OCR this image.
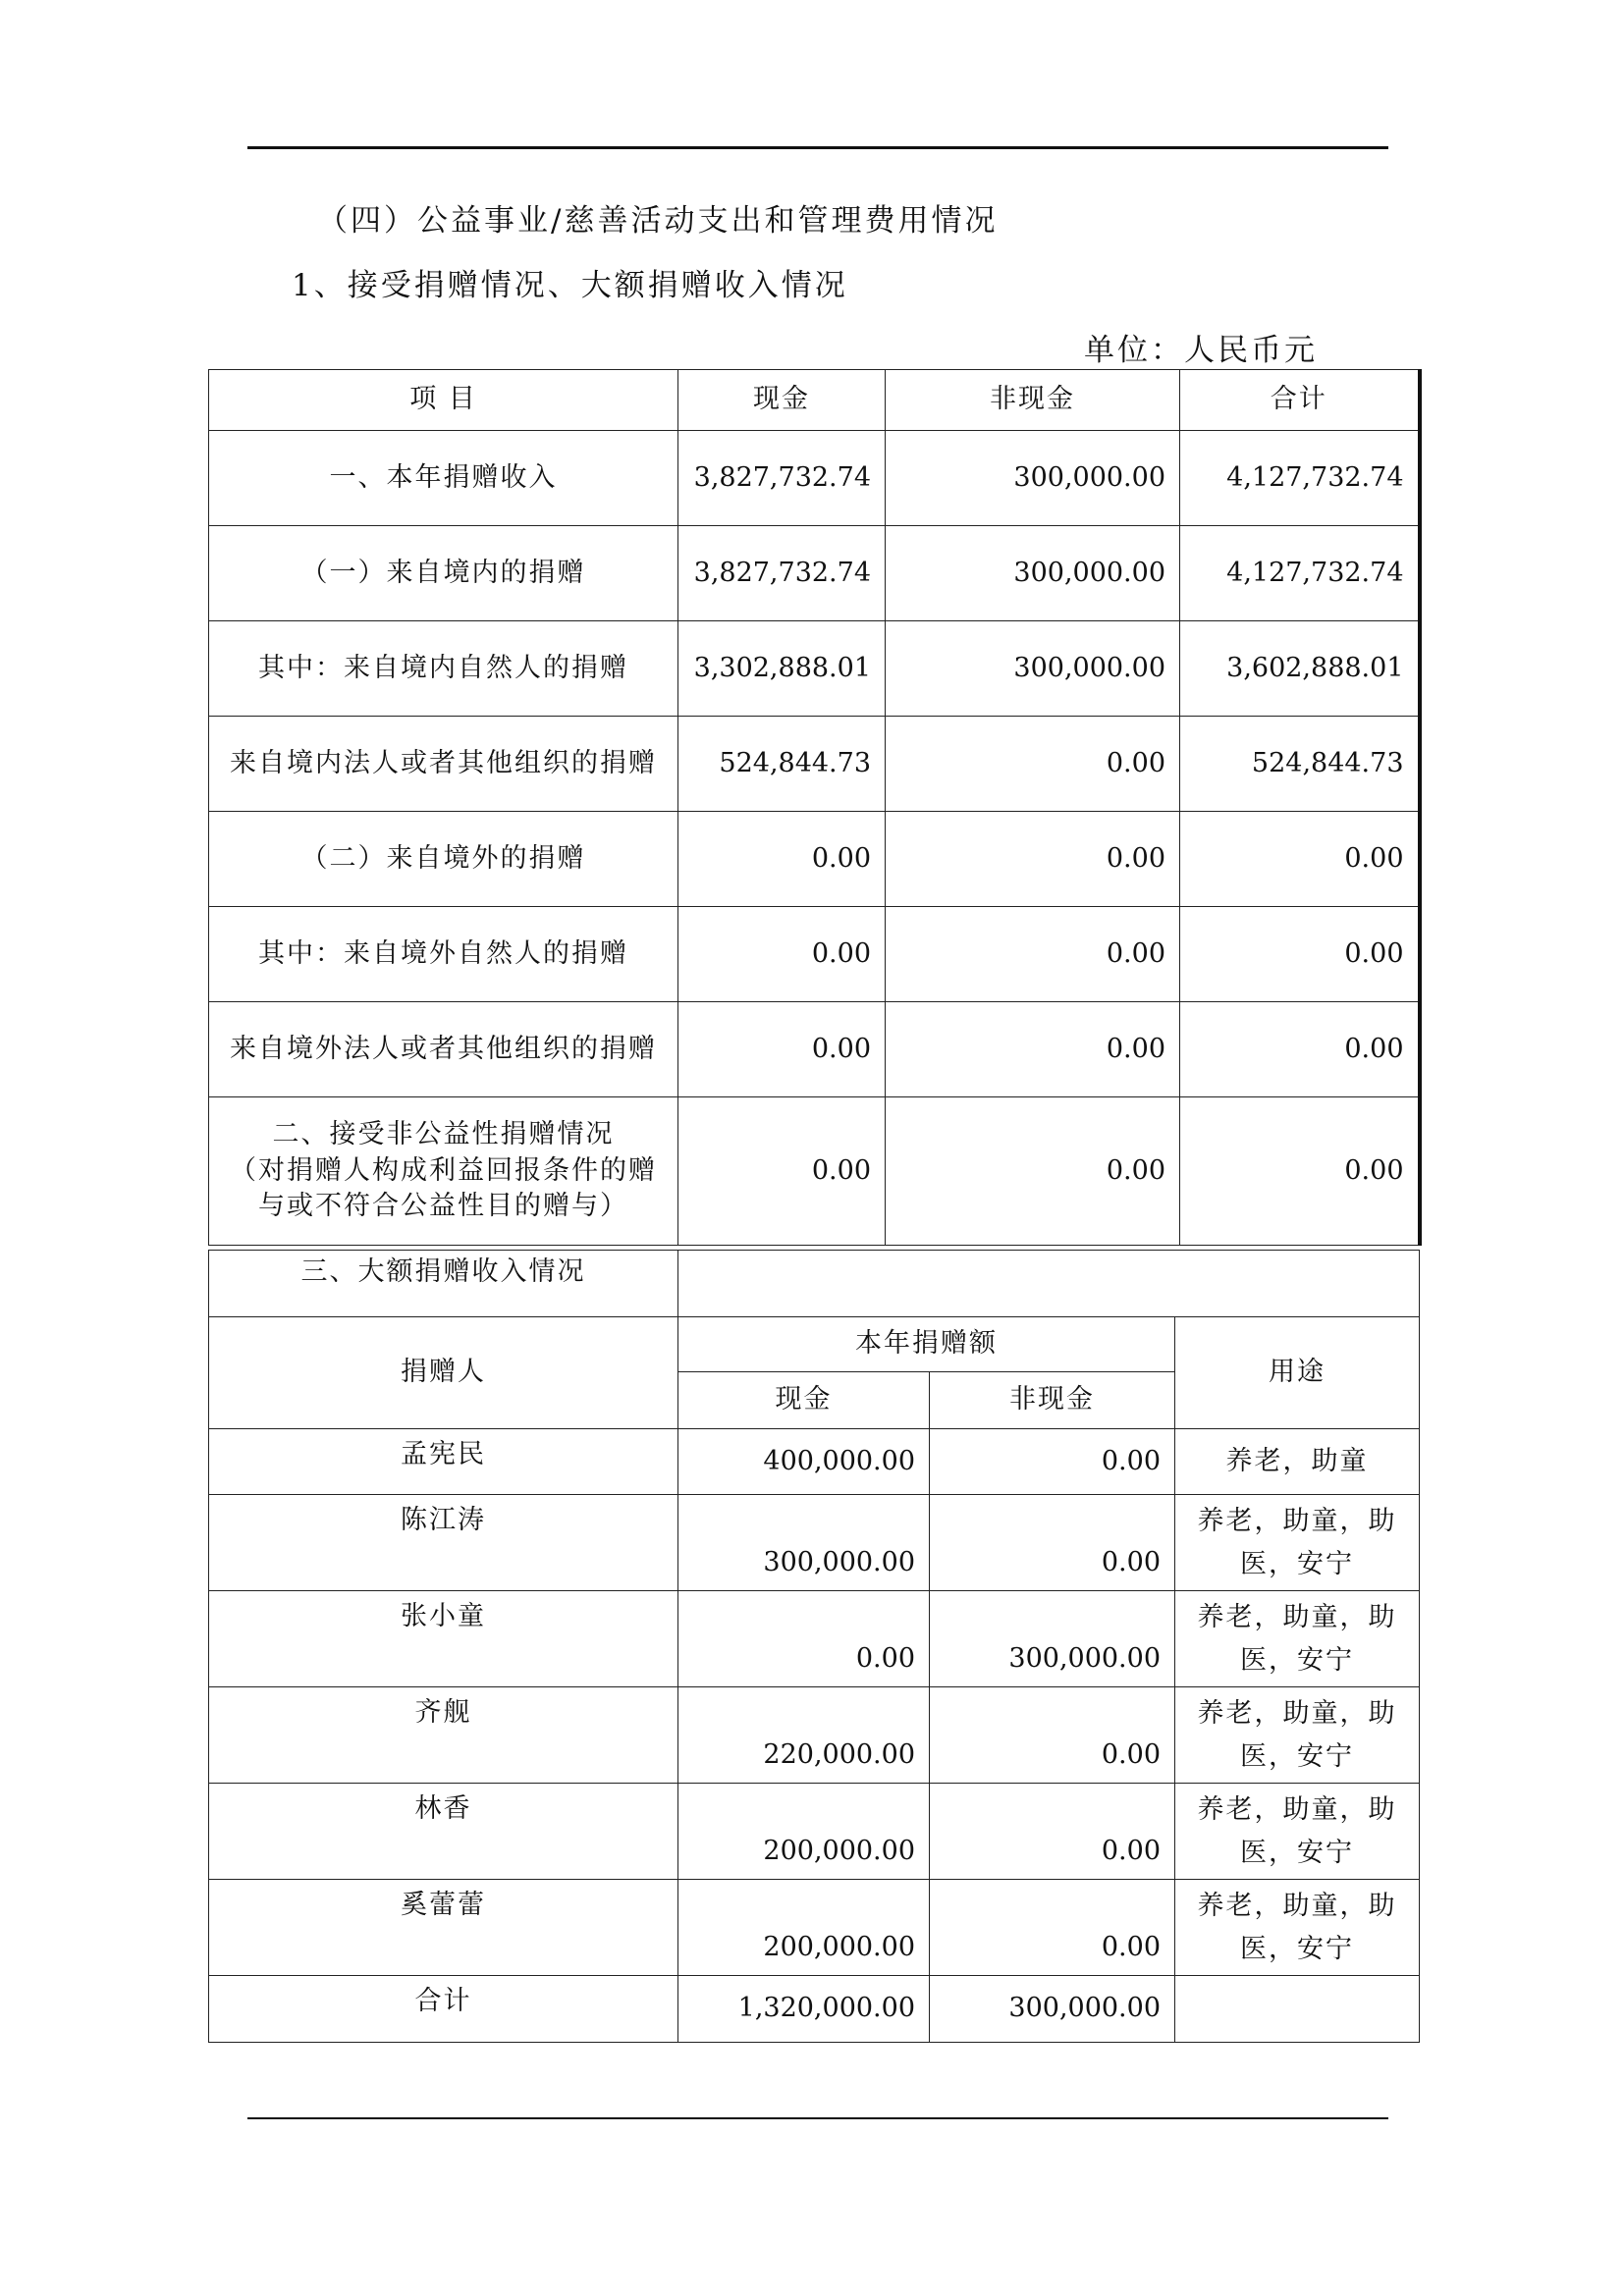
（四）公益事业/慈善活动支出和管理费用情况
1、接受捐赠情况、大额捐赠收入情况
单位：人民币元
项 目	现金	非现金	合计
一、本年捐赠收入	3,827,732.74	300,000.00	4,127,732.74
（一）来自境内的捐赠	3,827,732.74	300,000.00	4,127,732.74
其中：来自境内自然人的捐赠	3,302,888.01	300,000.00	3,602,888.01
来自境内法人或者其他组织的捐赠	524,844.73	0.00	524,844.73
（二）来自境外的捐赠	0.00	0.00	0.00
其中：来自境外自然人的捐赠	0.00	0.00	0.00
来自境外法人或者其他组织的捐赠	0.00	0.00	0.00

二、接受非公益性捐赠情况
（对捐赠人构成利益回报条件的赠
与或不符合公益性目的赠与）	0.00	0.00	0.00
三、大额捐赠收入情况			
捐赠人	本年捐赠额		用途
	现金	非现金	
孟宪民	400,000.00	0.00	养老，助童

陈江涛	300,000.00	0.00	养老，助童，助
医，安宁

张小童	0.00	300,000.00	养老，助童，助
医，安宁

齐舰	220,000.00	0.00	养老，助童，助
医，安宁

林香	200,000.00	0.00	养老，助童，助
医，安宁

奚蕾蕾	200,000.00	0.00	养老，助童，助
医，安宁

合计	1,320,000.00	300,000.00	
